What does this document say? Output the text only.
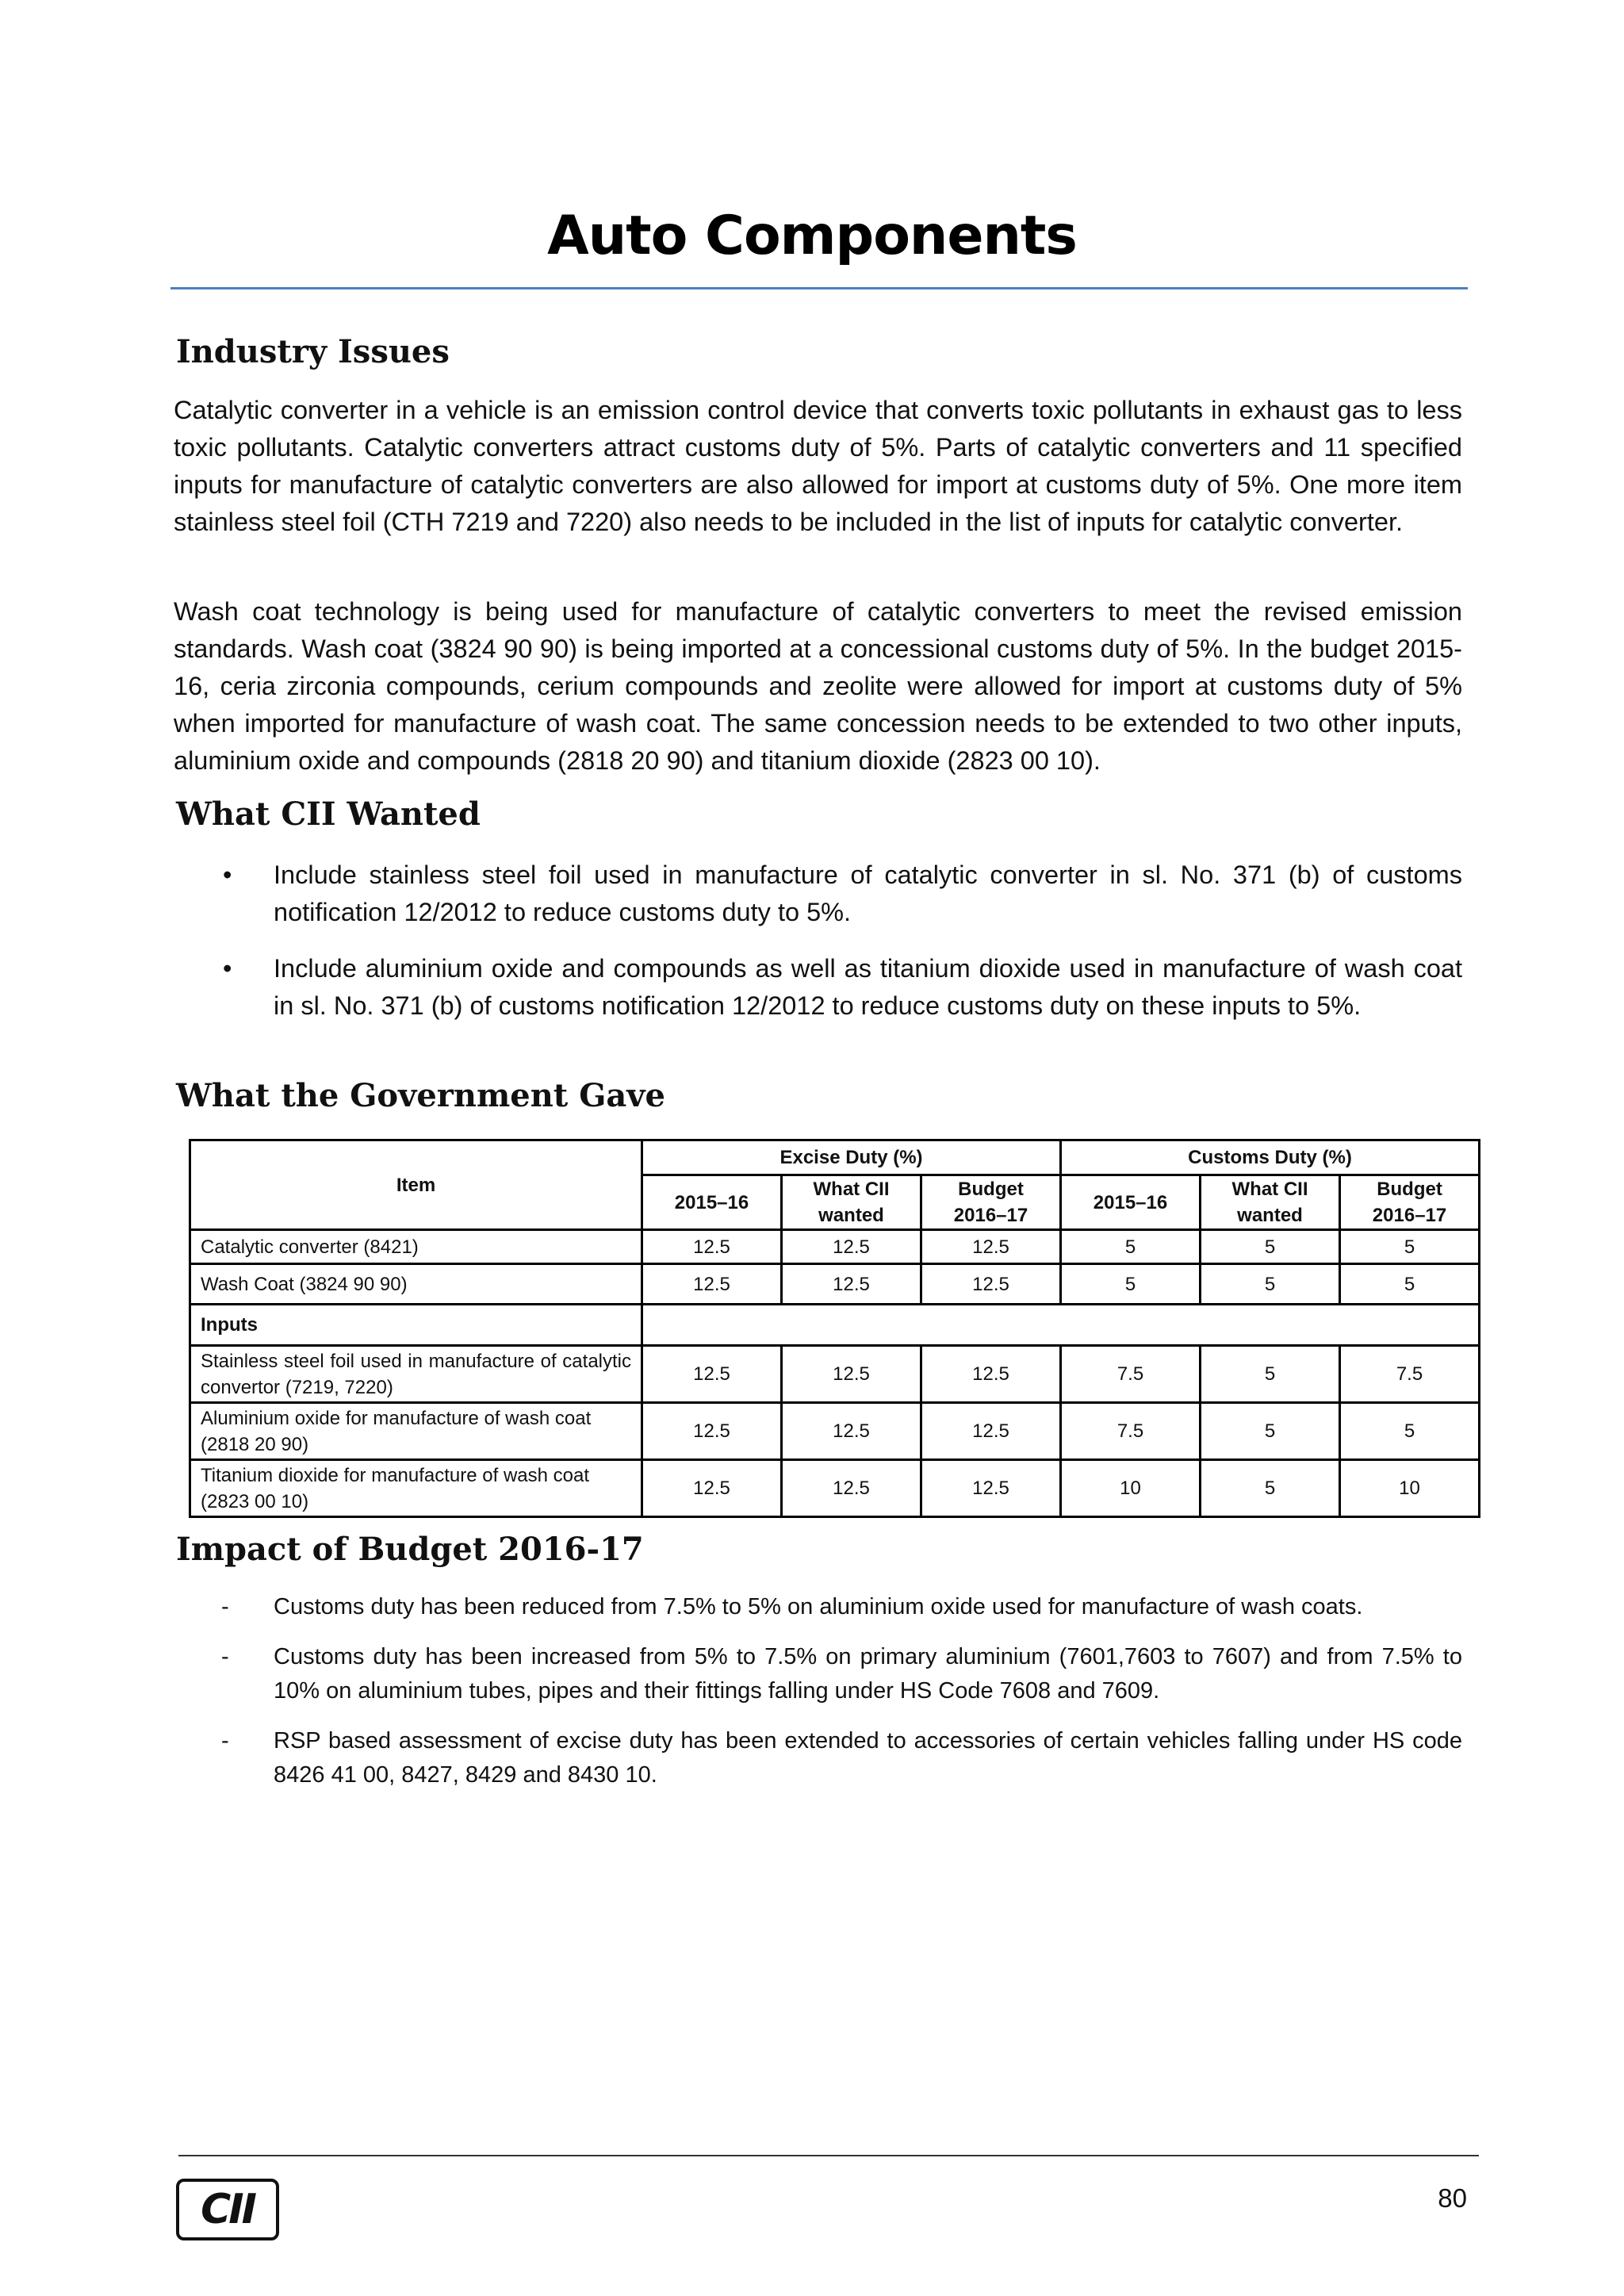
Auto Components
Industry Issues

Catalytic converter in a vehicle is an emission control device that converts toxic pollutants in exhaust gas to less toxic pollutants. Catalytic converters attract customs duty of 5%. Parts of catalytic converters and 11 specified inputs for manufacture of catalytic converters are also allowed for import at customs duty of 5%. One more item stainless steel foil (CTH 7219 and 7220) also needs to be included in the list of inputs for catalytic converter.

Wash coat technology is being used for manufacture of catalytic converters to meet the revised emission standards. Wash coat (3824 90 90) is being imported at a concessional customs duty of 5%. In the budget 2015-16, ceria zirconia compounds, cerium compounds and zeolite were allowed for import at customs duty of 5% when imported for manufacture of wash coat. The same concession needs to be extended to two other inputs, aluminium oxide and compounds (2818 20 90) and titanium dioxide (2823 00 10).

What CII Wanted
• Include stainless steel foil used in manufacture of catalytic converter in sl. No. 371 (b) of customs notification 12/2012 to reduce customs duty to 5%.
• Include aluminium oxide and compounds as well as titanium dioxide used in manufacture of wash coat in sl. No. 371 (b) of customs notification 12/2012 to reduce customs duty on these inputs to 5%.
What the Government Gave
Item	Excise Duty (%)			Customs Duty (%)		
	2015–16	What CII wanted	Budget 2016–17	2015–16	What CII wanted	Budget 2016–17
Catalytic converter (8421)	12.5	12.5	12.5	5	5	5
Wash Coat (3824 90 90)	12.5	12.5	12.5	5	5	5
Inputs						
Stainless steel foil used in manufacture of catalytic convertor (7219, 7220)	12.5	12.5	12.5	7.5	5	7.5
Aluminium oxide for manufacture of wash coat (2818 20 90)	12.5	12.5	12.5	7.5	5	5
Titanium dioxide for manufacture of wash coat (2823 00 10)	12.5	12.5	12.5	10	5	10
Impact of Budget 2016-17
- Customs duty has been reduced from 7.5% to 5% on aluminium oxide used for manufacture of wash coats.
- Customs duty has been increased from 5% to 7.5% on primary aluminium (7601,7603 to 7607) and from 7.5% to 10% on aluminium tubes, pipes and their fittings falling under HS Code 7608 and 7609.
- RSP based assessment of excise duty has been extended to accessories of certain vehicles falling under HS code 8426 41 00, 8427, 8429 and 8430 10.
CII	80
